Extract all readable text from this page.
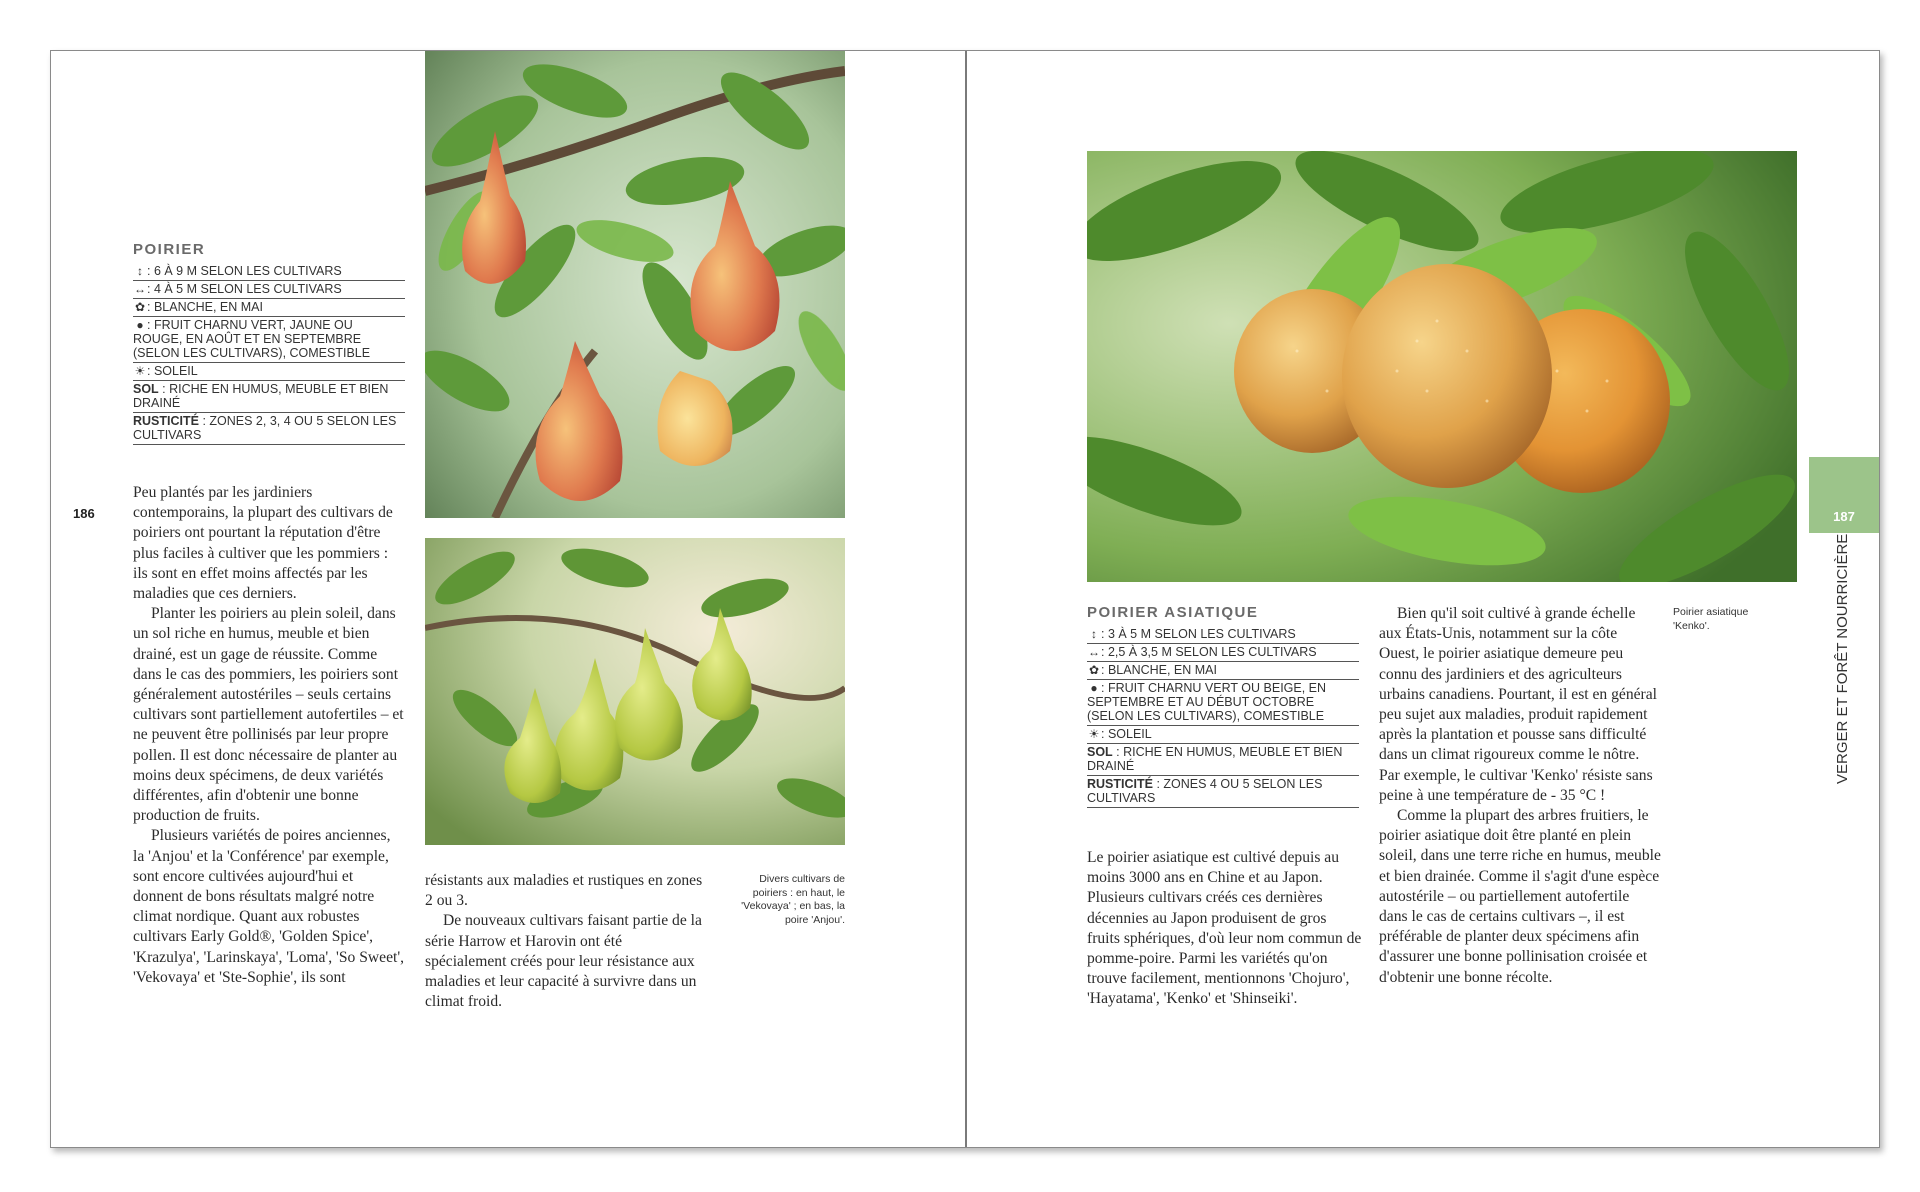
POIRIER
↕ : 6 À 9 M SELON LES CULTIVARS
↔: 4 À 5 M SELON LES CULTIVARS
✿ : BLANCHE, EN MAI
● : FRUIT CHARNU VERT, JAUNE OU ROUGE, EN AOÛT ET EN SEPTEMBRE (SELON LES CULTIVARS), COMESTIBLE
☀ : SOLEIL
SOL : RICHE EN HUMUS, MEUBLE ET BIEN DRAINÉ
RUSTICITÉ : ZONES 2, 3, 4 OU 5 SELON LES CULTIVARS
186

Peu plantés par les jardiniers contemporains, la plupart des cultivars de poiriers ont pourtant la réputation d'être plus faciles à cultiver que les pommiers : ils sont en effet moins affectés par les maladies que ces derniers.

Planter les poiriers au plein soleil, dans un sol riche en humus, meuble et bien drainé, est un gage de réussite. Comme dans le cas des pommiers, les poiriers sont généralement autostériles – seuls certains cultivars sont partiellement autofertiles – et ne peuvent être pollinisés par leur propre pollen. Il est donc nécessaire de planter au moins deux spécimens, de deux variétés différentes, afin d'obtenir une bonne production de fruits.

Plusieurs variétés de poires anciennes, la 'Anjou' et la 'Conférence' par exemple, sont encore cultivées aujourd'hui et donnent de bons résultats malgré notre climat nordique. Quant aux robustes cultivars Early Gold®, 'Golden Spice', 'Krazulya', 'Larinskaya', 'Loma', 'So Sweet', 'Vekovaya' et 'Ste-Sophie', ils sont

résistants aux maladies et rustiques en zones 2 ou 3.

De nouveaux cultivars faisant partie de la série Harrow et Harovin ont été spécialement créés pour leur résistance aux maladies et leur capacité à survivre dans un climat froid.

Divers cultivars de poiriers : en haut, le 'Vekovaya' ; en bas, la poire 'Anjou'.
POIRIER ASIATIQUE
↕ : 3 À 5 M SELON LES CULTIVARS
↔: 2,5 À 3,5 M SELON LES CULTIVARS
✿ : BLANCHE, EN MAI
● : FRUIT CHARNU VERT OU BEIGE, EN SEPTEMBRE ET AU DÉBUT OCTOBRE (SELON LES CULTIVARS), COMESTIBLE
☀ : SOLEIL
SOL : RICHE EN HUMUS, MEUBLE ET BIEN DRAINÉ
RUSTICITÉ : ZONES 4 OU 5 SELON LES CULTIVARS

Le poirier asiatique est cultivé depuis au moins 3000 ans en Chine et au Japon. Plusieurs cultivars créés ces dernières décennies au Japon produisent de gros fruits sphériques, d'où leur nom commun de pomme-poire. Parmi les variétés qu'on trouve facilement, mentionnons 'Chojuro', 'Hayatama', 'Kenko' et 'Shinseiki'.

Bien qu'il soit cultivé à grande échelle aux États-Unis, notamment sur la côte Ouest, le poirier asiatique demeure peu connu des jardiniers et des agriculteurs urbains canadiens. Pourtant, il est en général peu sujet aux maladies, produit rapidement après la plantation et pousse sans difficulté dans un climat rigoureux comme le nôtre. Par exemple, le cultivar 'Kenko' résiste sans peine à une température de - 35 °C !

Comme la plupart des arbres fruitiers, le poirier asiatique doit être planté en plein soleil, dans une terre riche en humus, meuble et bien drainée. Comme il s'agit d'une espèce autostérile – ou partiellement autofertile dans le cas de certains cultivars –, il est préférable de planter deux spécimens afin d'assurer une bonne pollinisation croisée et d'obtenir une bonne récolte.

Poirier asiatique 'Kenko'.
187
VERGER ET FORÊT NOURRICIÈRE
